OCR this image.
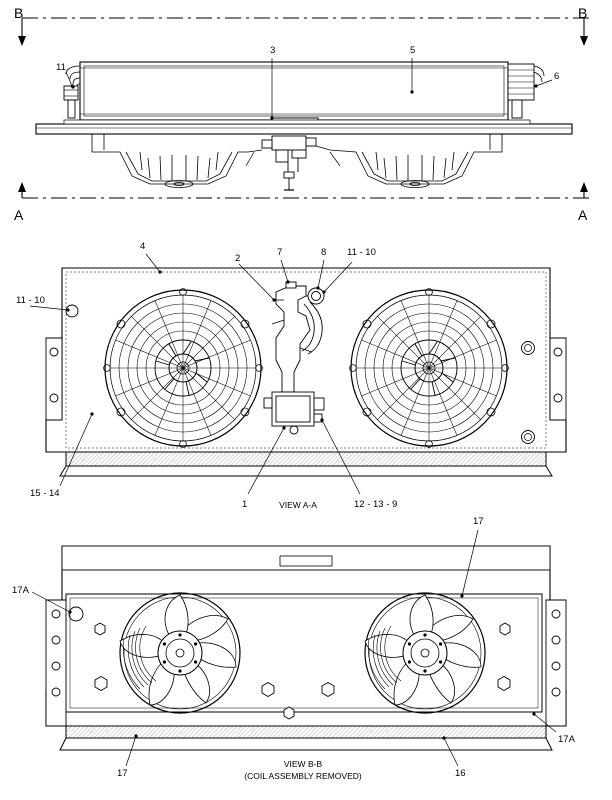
B	B
A	A
11
3	5
6
4
2
7	8 11 - 10
11 - 10
15 - 14
1	12 - 13 - 9
VIEW A-A
17
17A
17A
17	16
VIEW B-B
(COIL ASSEMBLY REMOVED)
